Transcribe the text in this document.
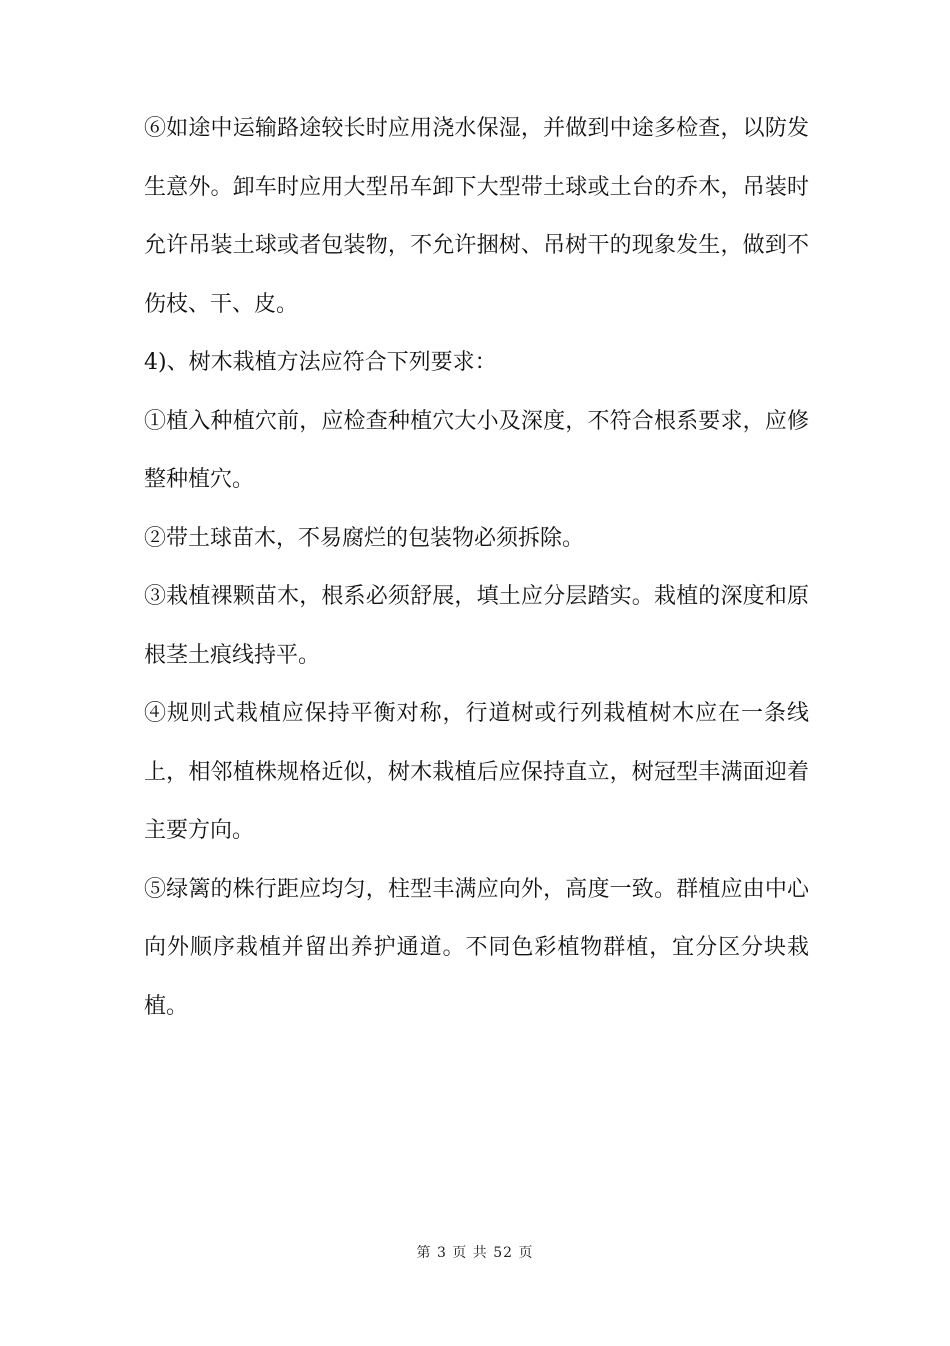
⑥如途中运输路途较长时应用浇水保湿，并做到中途多检查，以防发生意外。卸车时应用大型吊车卸下大型带土球或土台的乔木，吊装时允许吊装土球或者包装物，不允许捆树、吊树干的现象发生，做到不伤枝、干、皮。

4)、树木栽植方法应符合下列要求：

①植入种植穴前，应检查种植穴大小及深度，不符合根系要求，应修整种植穴。

②带土球苗木，不易腐烂的包装物必须拆除。

③栽植裸颗苗木，根系必须舒展，填土应分层踏实。栽植的深度和原根茎土痕线持平。

④规则式栽植应保持平衡对称，行道树或行列栽植树木应在一条线上，相邻植株规格近似，树木栽植后应保持直立，树冠型丰满面迎着主要方向。

⑤绿篱的株行距应均匀，柱型丰满应向外，高度一致。群植应由中心向外顺序栽植并留出养护通道。不同色彩植物群植，宜分区分块栽植。

第 3 页 共 52 页
